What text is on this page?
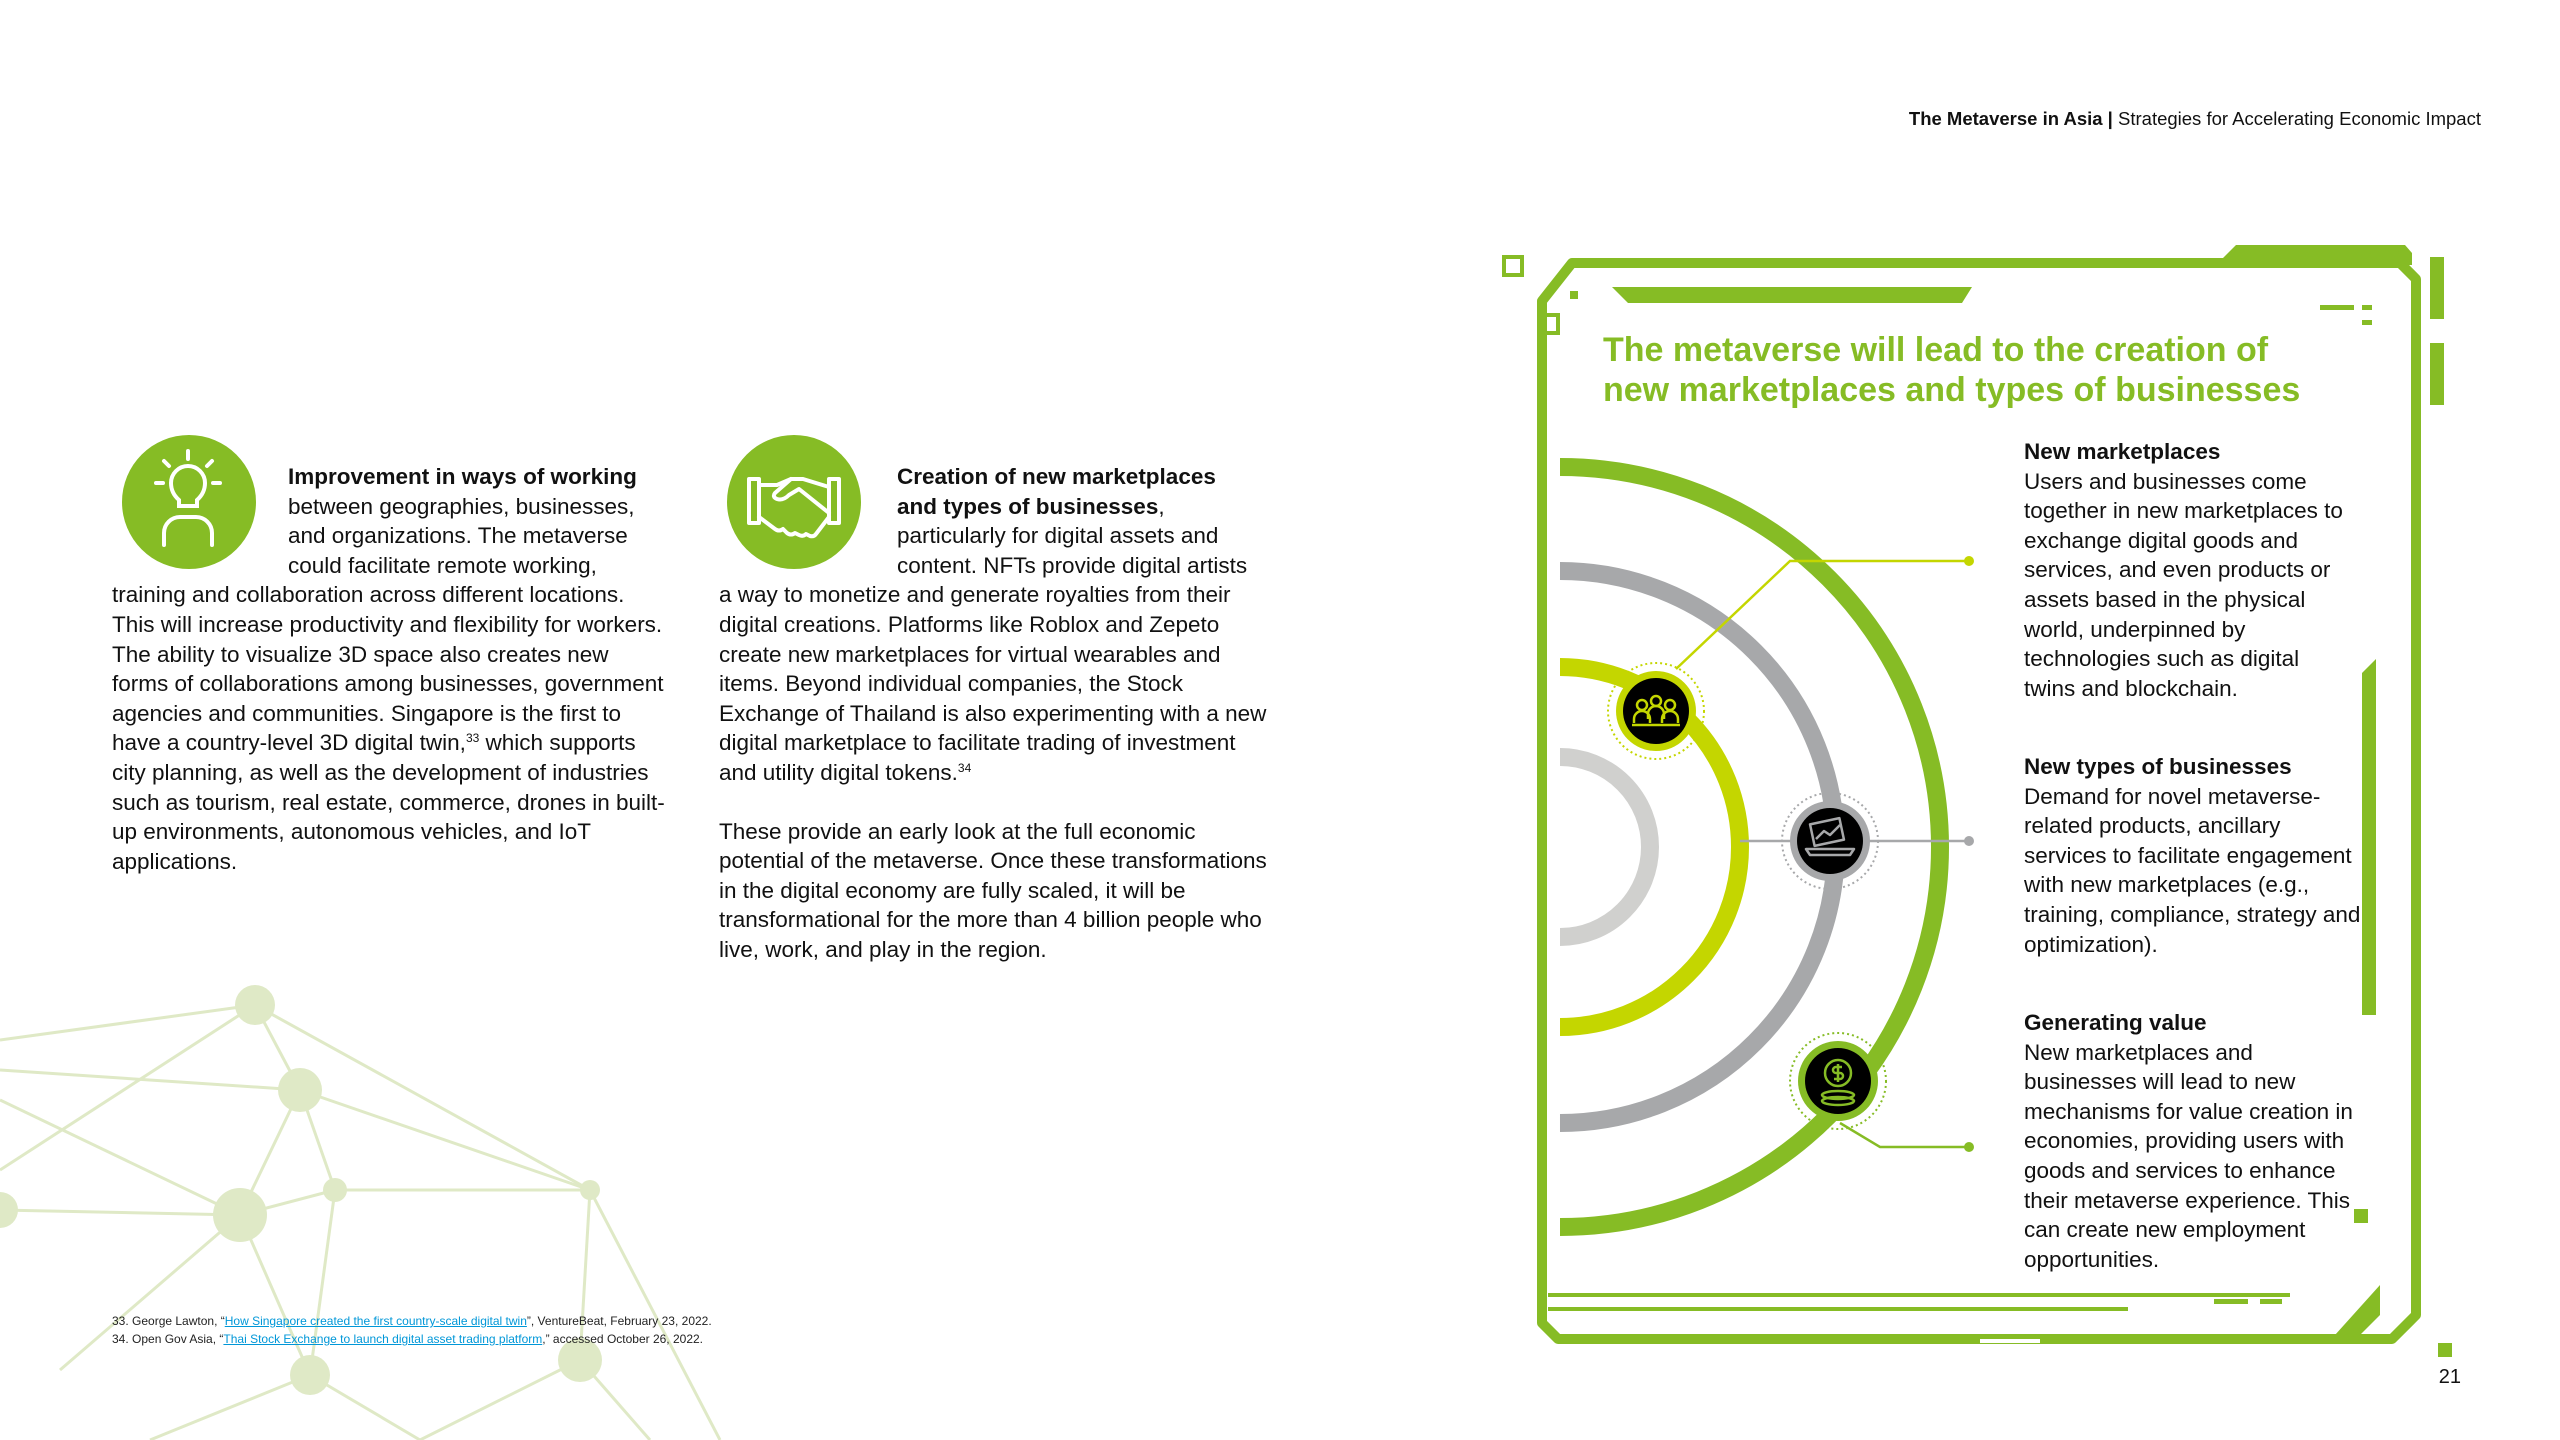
The Metaverse in Asia | Strategies for Accelerating Economic Impact

Improvement in ways of working
between geographies, businesses,
and organizations. The metaverse
could facilitate remote working,

training and collaboration across different locations. This will increase productivity and flexibility for workers. The ability to visualize 3D space also creates new forms of collaborations among businesses, government agencies and communities. Singapore is the first to have a country-level 3D digital twin,$^{33}$ which supports city planning, as well as the development of industries such as tourism, real estate, commerce, drones in built-up environments, autonomous vehicles, and IoT applications.

Creation of new marketplaces
and types of businesses,
particularly for digital assets and
content. NFTs provide digital artists

a way to monetize and generate royalties from their digital creations. Platforms like Roblox and Zepeto create new marketplaces for virtual wearables and items. Beyond individual companies, the Stock Exchange of Thailand is also experimenting with a new digital marketplace to facilitate trading of investment and utility digital tokens.$^{34}$

These provide an early look at the full economic potential of the metaverse. Once these transformations in the digital economy are fully scaled, it will be transformational for the more than 4 billion people who live, work, and play in the region.

33. George Lawton, “How Singapore created the first country-scale digital twin”, VentureBeat, February 23, 2022.
34. Open Gov Asia, “Thai Stock Exchange to launch digital asset trading platform,” accessed October 26, 2022.
The metaverse will lead to the creation of
new marketplaces and types of businesses
New marketplaces
Users and businesses come together in new marketplaces to exchange digital goods and services, and even products or assets based in the physical world, underpinned by technologies such as digital twins and blockchain.
New types of businesses
Demand for novel metaverse-related products, ancillary services to facilitate engagement with new marketplaces (e.g., training, compliance, strategy and optimization).
Generating value
New marketplaces and businesses will lead to new mechanisms for value creation in economies, providing users with goods and services to enhance their metaverse experience. This can create new employment opportunities.
21
